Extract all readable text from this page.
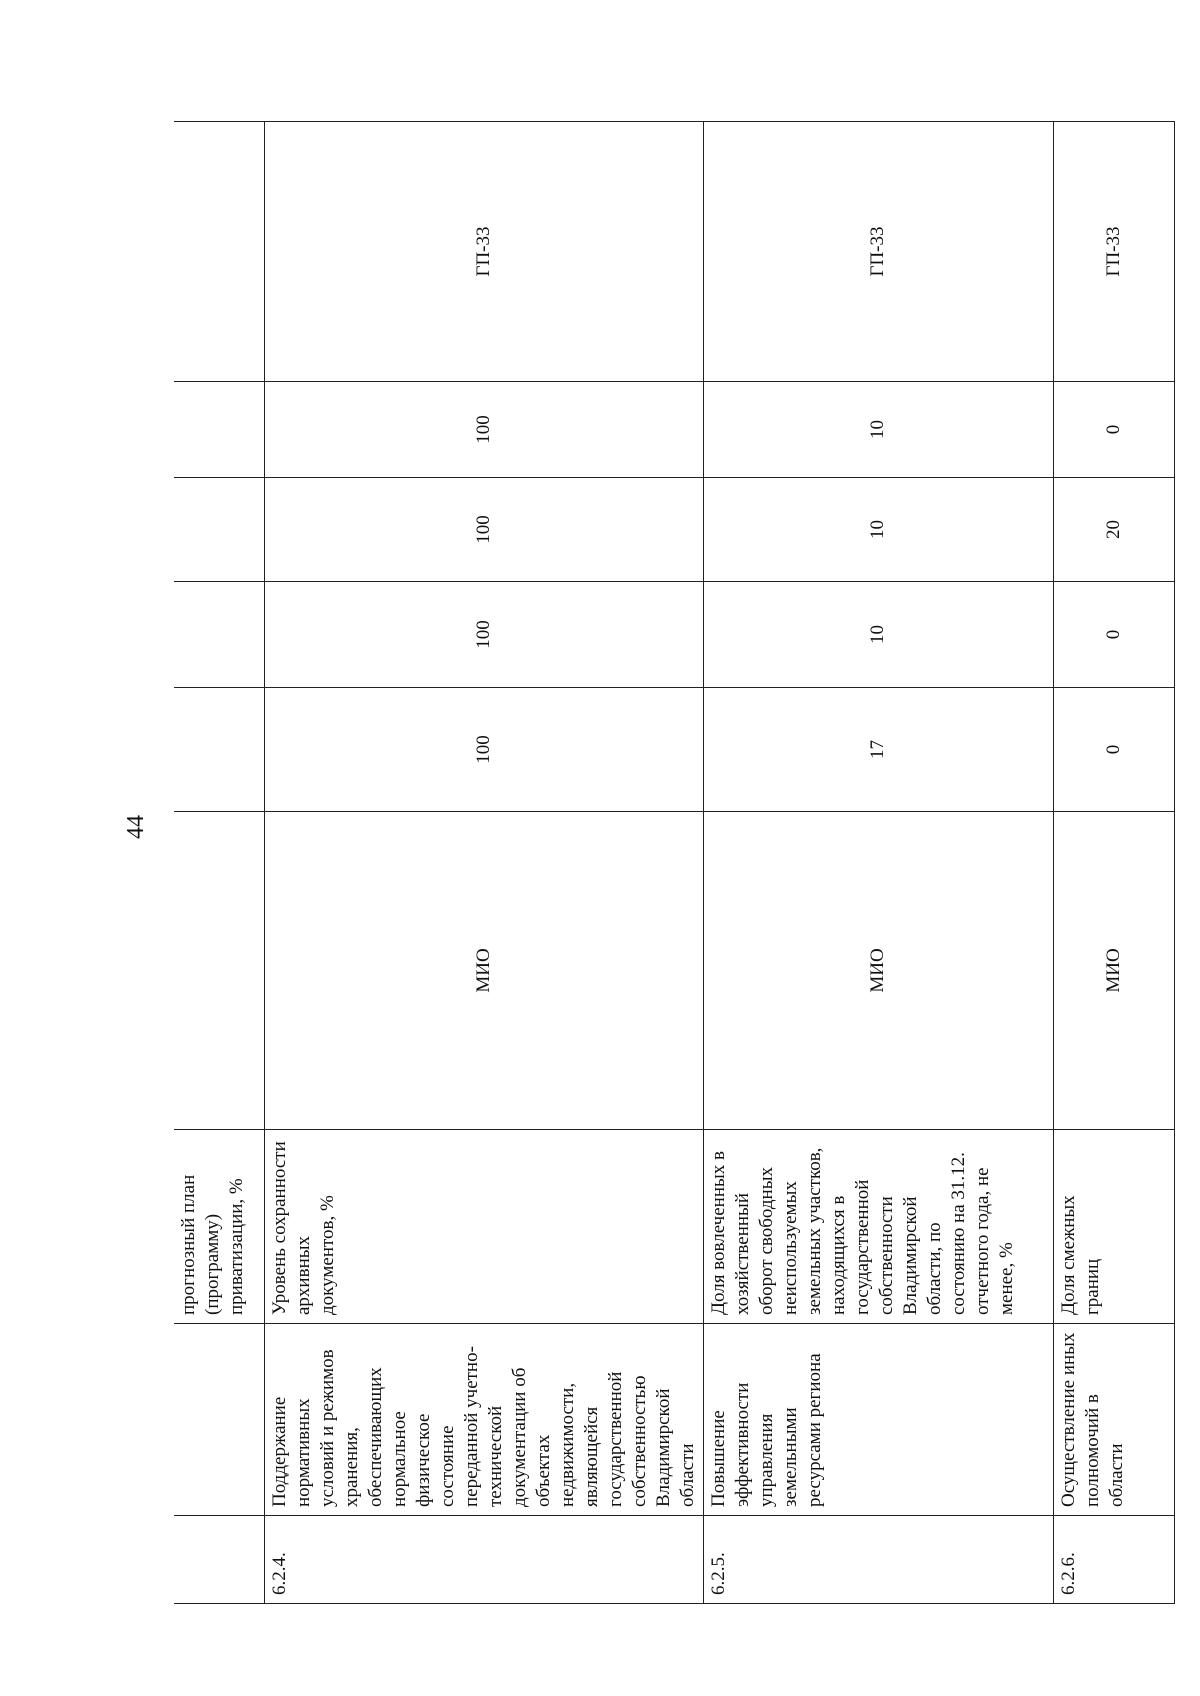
44
		прогнозный план (программу) приватизации, %						
6.2.4.	Поддержание нормативных условий и режимов хранения, обеспечивающих нормальное физическое состояние переданной учетно-технической документации об объектах недвижимости, являющейся государственной собственностью Владимирской области	Уровень сохранности архивных документов, %	МИО	100	100	100	100	ГП-33
6.2.5.	Повышение эффективности управления земельными ресурсами региона	Доля вовлеченных в хозяйственный оборот свободных неиспользуемых земельных участков, находящихся в государственной собственности Владимирской области, по состоянию на 31.12. отчетного года, не менее, %	МИО	17	10	10	10	ГП-33
6.2.6.	Осуществление иных полномочий в области	Доля смежных границ	МИО	0	0	20	0	ГП-33
